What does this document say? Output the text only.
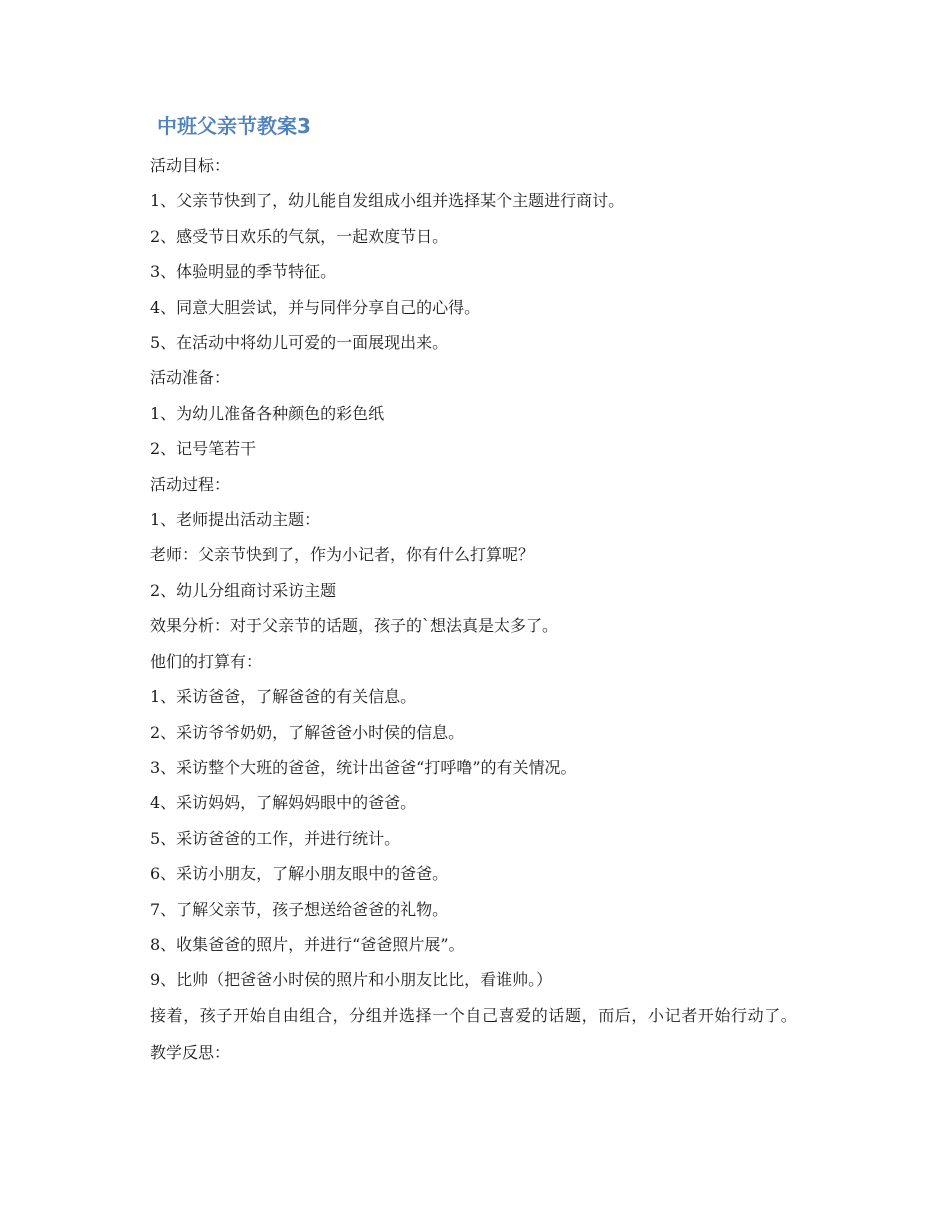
中班父亲节教案3

活动目标：

1、父亲节快到了，幼儿能自发组成小组并选择某个主题进行商讨。

2、感受节日欢乐的气氛，一起欢度节日。

3、体验明显的季节特征。

4、同意大胆尝试，并与同伴分享自己的心得。

5、在活动中将幼儿可爱的一面展现出来。

活动准备：

1、为幼儿准备各种颜色的彩色纸

2、记号笔若干

活动过程：

1、老师提出活动主题：

老师：父亲节快到了，作为小记者，你有什么打算呢？

2、幼儿分组商讨采访主题

效果分析：对于父亲节的话题，孩子的`想法真是太多了。

他们的打算有：

1、采访爸爸，了解爸爸的有关信息。

2、采访爷爷奶奶，了解爸爸小时侯的信息。

3、采访整个大班的爸爸，统计出爸爸“打呼噜”的有关情况。

4、采访妈妈，了解妈妈眼中的爸爸。

5、采访爸爸的工作，并进行统计。

6、采访小朋友，了解小朋友眼中的爸爸。

7、了解父亲节，孩子想送给爸爸的礼物。

8、收集爸爸的照片，并进行“爸爸照片展”。

9、比帅（把爸爸小时侯的照片和小朋友比比，看谁帅。）

接着，孩子开始自由组合，分组并选择一个自己喜爱的话题，而后，小记者开始行动了。

教学反思：
